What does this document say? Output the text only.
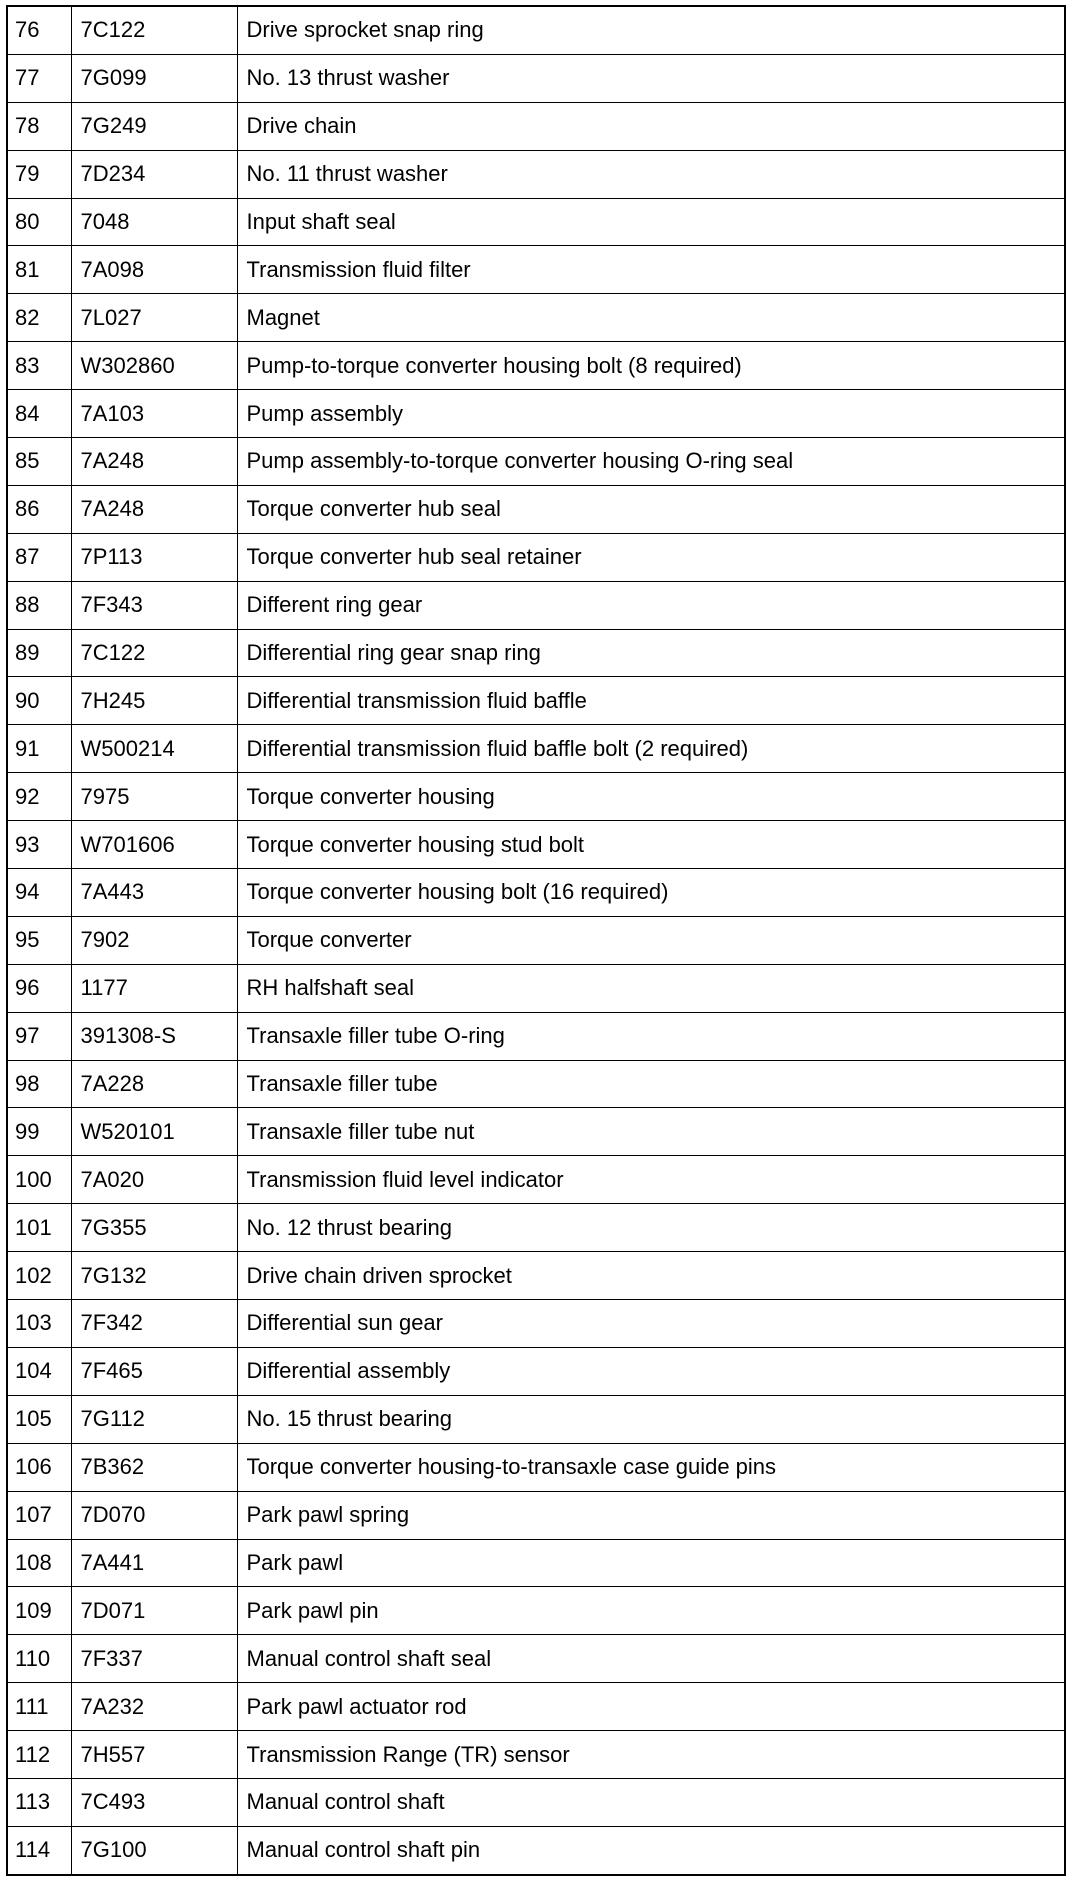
76	7C122	Drive sprocket snap ring
77	7G099	No. 13 thrust washer
78	7G249	Drive chain
79	7D234	No. 11 thrust washer
80	7048	Input shaft seal
81	7A098	Transmission fluid filter
82	7L027	Magnet
83	W302860	Pump-to-torque converter housing bolt (8 required)
84	7A103	Pump assembly
85	7A248	Pump assembly-to-torque converter housing O-ring seal
86	7A248	Torque converter hub seal
87	7P113	Torque converter hub seal retainer
88	7F343	Different ring gear
89	7C122	Differential ring gear snap ring
90	7H245	Differential transmission fluid baffle
91	W500214	Differential transmission fluid baffle bolt (2 required)
92	7975	Torque converter housing
93	W701606	Torque converter housing stud bolt
94	7A443	Torque converter housing bolt (16 required)
95	7902	Torque converter
96	1177	RH halfshaft seal
97	391308-S	Transaxle filler tube O-ring
98	7A228	Transaxle filler tube
99	W520101	Transaxle filler tube nut
100	7A020	Transmission fluid level indicator
101	7G355	No. 12 thrust bearing
102	7G132	Drive chain driven sprocket
103	7F342	Differential sun gear
104	7F465	Differential assembly
105	7G112	No. 15 thrust bearing
106	7B362	Torque converter housing-to-transaxle case guide pins
107	7D070	Park pawl spring
108	7A441	Park pawl
109	7D071	Park pawl pin
110	7F337	Manual control shaft seal
111	7A232	Park pawl actuator rod
112	7H557	Transmission Range (TR) sensor
113	7C493	Manual control shaft
114	7G100	Manual control shaft pin
